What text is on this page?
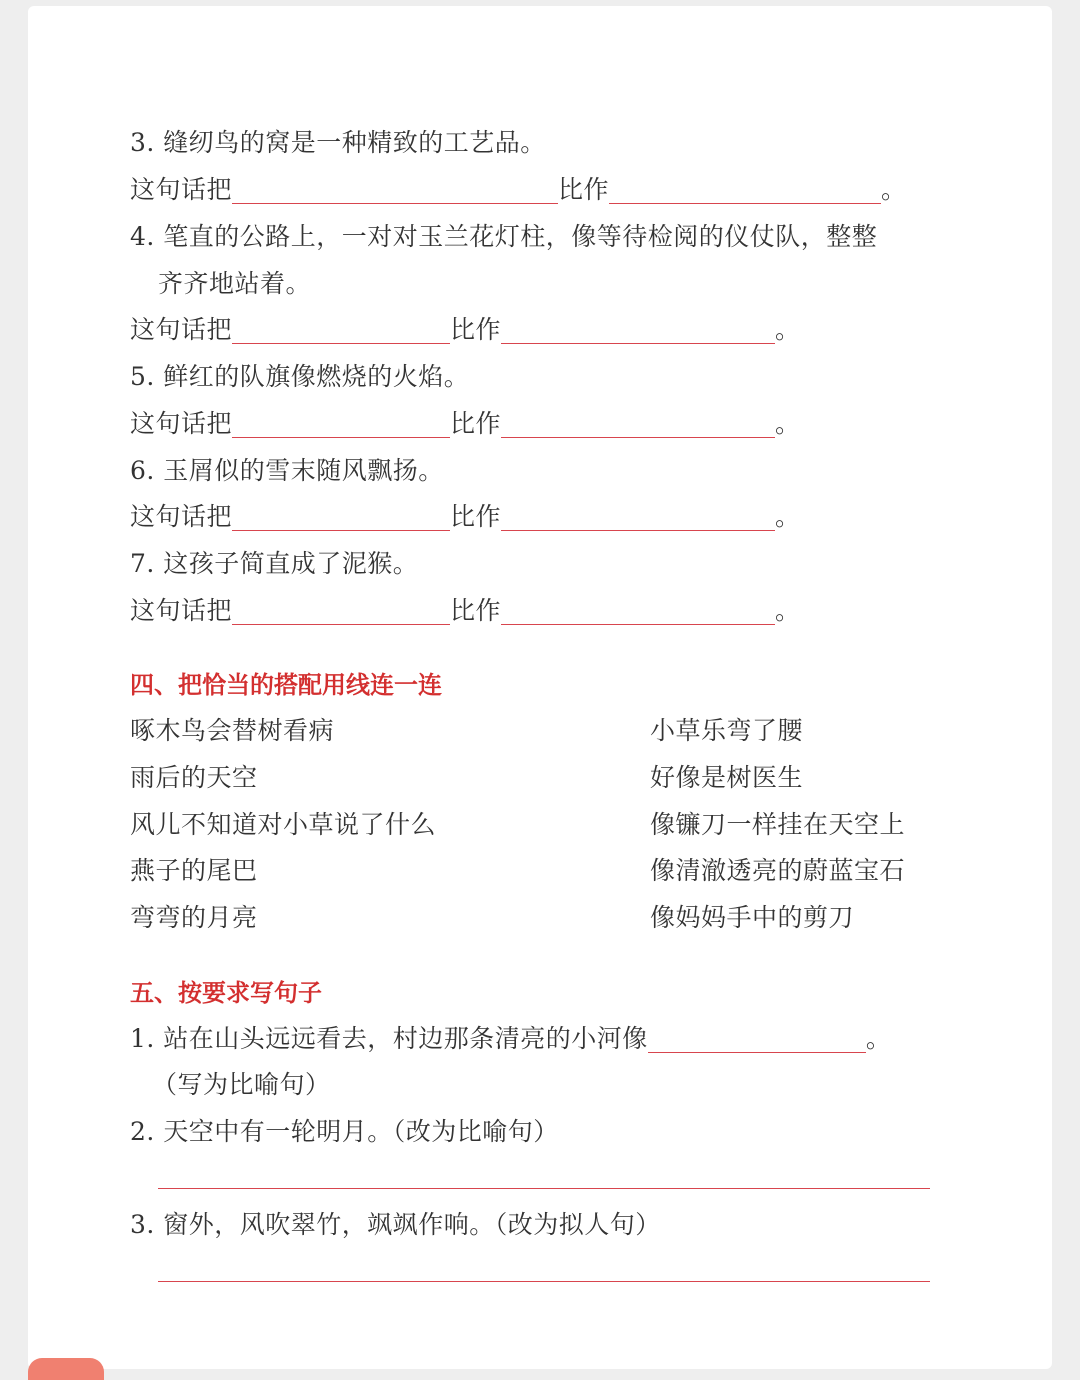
3. 缝纫鸟的窝是一种精致的工艺品。
这句话把	比作	。
4. 笔直的公路上，一对对玉兰花灯柱，像等待检阅的仪仗队，整整
齐齐地站着。
这句话把	比作	。
5. 鲜红的队旗像燃烧的火焰。
这句话把	比作	。
6. 玉屑似的雪末随风飘扬。
这句话把	比作	。
7. 这孩子简直成了泥猴。
这句话把	比作	。
四、把恰当的搭配用线连一连
啄木鸟会替树看病
雨后的天空
风儿不知道对小草说了什么
燕子的尾巴
弯弯的月亮
小草乐弯了腰
好像是树医生
像镰刀一样挂在天空上
像清澈透亮的蔚蓝宝石
像妈妈手中的剪刀
五、按要求写句子
1. 站在山头远远看去，村边那条清亮的小河像	。
（写为比喻句）
2. 天空中有一轮明月。（改为比喻句）
3. 窗外，风吹翠竹，飒飒作响。（改为拟人句）
